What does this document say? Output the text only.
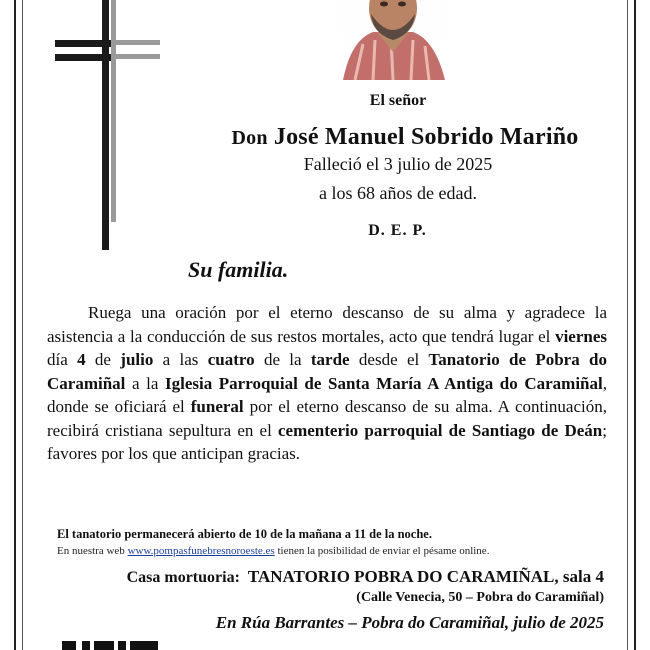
El señor
Don José Manuel Sobrido Mariño
Falleció el 3 julio de 2025
a los 68 años de edad.
D. E. P.
Su familia.

Ruega una oración por el eterno descanso de su alma y agradece la asistencia a la conducción de sus restos mortales, acto que tendrá lugar el viernes día 4 de julio a las cuatro de la tarde desde el Tanatorio de Pobra do Caramiñal a la Iglesia Parroquial de Santa María A Antiga do Caramiñal, donde se oficiará el funeral por el eterno descanso de su alma. A continuación, recibirá cristiana sepultura en el cementerio parroquial de Santiago de Deán; favores por los que anticipan gracias.

El tanatorio permanecerá abierto de 10 de la mañana a 11 de la noche.
En nuestra web www.pompasfunebresnoroeste.es tienen la posibilidad de enviar el pésame online.
Casa mortuoria: TANATORIO POBRA DO CARAMIÑAL, sala 4
(Calle Venecia, 50 – Pobra do Caramiñal)
En Rúa Barrantes – Pobra do Caramiñal, julio de 2025
